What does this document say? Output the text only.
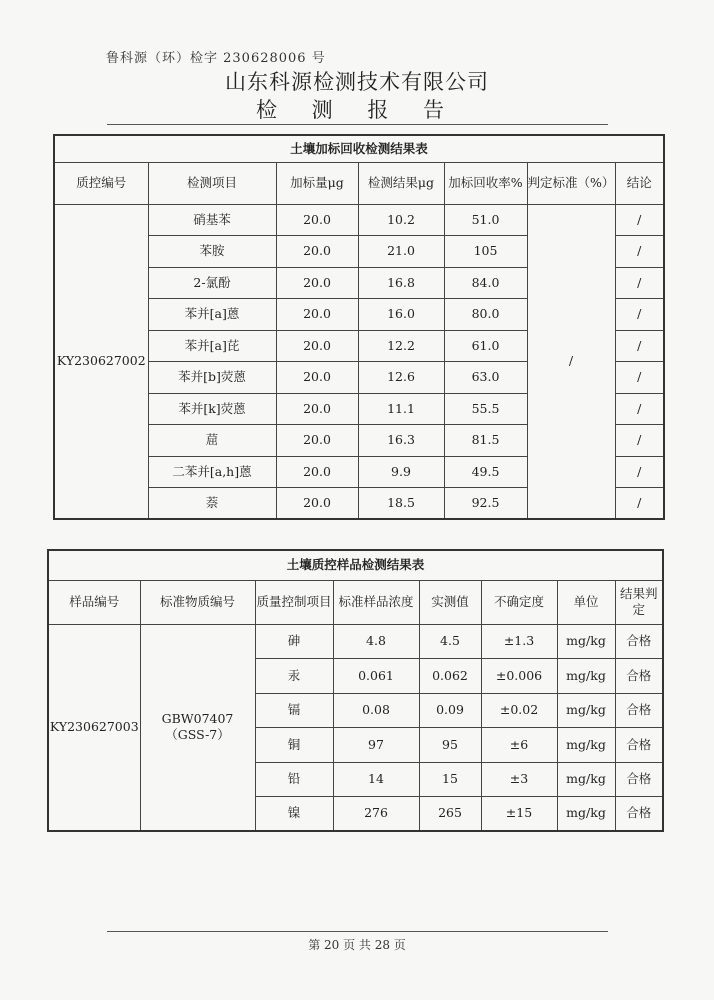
鲁科源（环）检字 230628006 号
山东科源检测技术有限公司
检 测 报 告
土壤加标回收检测结果表						
质控编号	检测项目	加标量μg	检测结果μg	加标回收率%	判定标准（%）	结论
KY230627002	硝基苯	20.0	10.2	51.0	/	/
	苯胺	20.0	21.0	105		/
	2-氯酚	20.0	16.8	84.0		/
	苯并[a]蒽	20.0	16.0	80.0		/
	苯并[a]芘	20.0	12.2	61.0		/
	苯并[b]荧蒽	20.0	12.6	63.0		/
	苯并[k]荧蒽	20.0	11.1	55.5		/
	䓛	20.0	16.3	81.5		/
	二苯并[a,h]蒽	20.0	9.9	49.5		/
	萘	20.0	18.5	92.5		/
土壤质控样品检测结果表							
样品编号	标准物质编号	质量控制项目	标准样品浓度	实测值	不确定度	单位	结果判定
KY230627003	GBW07407（GSS-7）	砷	4.8	4.5	±1.3	mg/kg	合格
		汞	0.061	0.062	±0.006	mg/kg	合格
		镉	0.08	0.09	±0.02	mg/kg	合格
		铜	97	95	±6	mg/kg	合格
		铅	14	15	±3	mg/kg	合格
		镍	276	265	±15	mg/kg	合格
第 20 页 共 28 页
